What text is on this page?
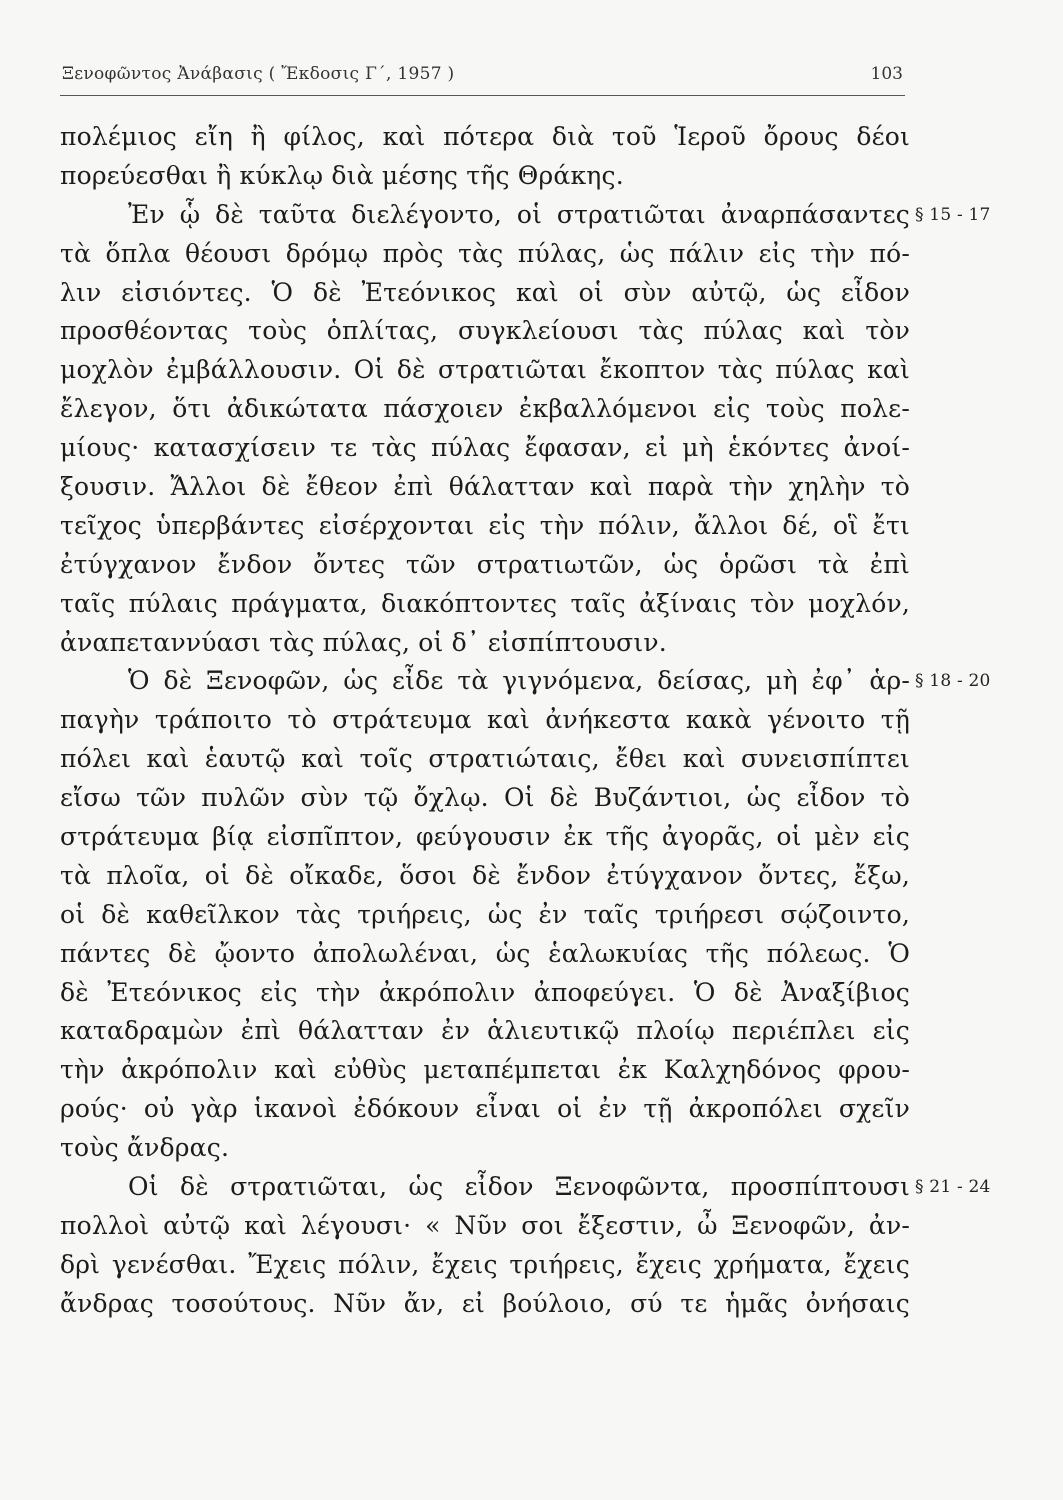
Ξενοφῶντος Ἀνάβασις ( Ἔκδοσις Γ΄, 1957 )	103
πολέμιος εἴη ἢ φίλος, καὶ πότερα διὰ τοῦ Ἱεροῦ ὄρους δέοι
πορεύεσθαι ἢ κύκλῳ διὰ μέσης τῆς Θράκης.
Ἐν ᾧ δὲ ταῦτα διελέγοντο, οἱ στρατιῶται ἀναρπάσαντες § 15 - 17
τὰ ὅπλα θέουσι δρόμῳ πρὸς τὰς πύλας, ὡς πάλιν εἰς τὴν πό-
λιν εἰσιόντες. Ὁ δὲ Ἐτεόνικος καὶ οἱ σὺν αὐτῷ, ὡς εἶδον
προσθέοντας τοὺς ὁπλίτας, συγκλείουσι τὰς πύλας καὶ τὸν
μοχλὸν ἐμβάλλουσιν. Οἱ δὲ στρατιῶται ἔκοπτον τὰς πύλας καὶ
ἔλεγον, ὅτι ἀδικώτατα πάσχοιεν ἐκβαλλόμενοι εἰς τοὺς πολε-
μίους· κατασχίσειν τε τὰς πύλας ἔφασαν, εἰ μὴ ἑκόντες ἀνοί-
ξουσιν. Ἄλλοι δὲ ἔθεον ἐπὶ θάλατταν καὶ παρὰ τὴν χηλὴν τὸ
τεῖχος ὑπερβάντες εἰσέρχονται εἰς τὴν πόλιν, ἄλλοι δέ, οἳ ἔτι
ἐτύγχανον ἔνδον ὄντες τῶν στρατιωτῶν, ὡς ὁρῶσι τὰ ἐπὶ
ταῖς πύλαις πράγματα, διακόπτοντες ταῖς ἀξίναις τὸν μοχλόν,
ἀναπεταννύασι τὰς πύλας, οἱ δ᾽ εἰσπίπτουσιν.
Ὁ δὲ Ξενοφῶν, ὡς εἶδε τὰ γιγνόμενα, δείσας, μὴ ἐφ᾽ ἁρ- § 18 - 20
παγὴν τράποιτο τὸ στράτευμα καὶ ἀνήκεστα κακὰ γένοιτο τῇ
πόλει καὶ ἑαυτῷ καὶ τοῖς στρατιώταις, ἔθει καὶ συνεισπίπτει
εἴσω τῶν πυλῶν σὺν τῷ ὄχλῳ. Οἱ δὲ Βυζάντιοι, ὡς εἶδον τὸ
στράτευμα βίᾳ εἰσπῖπτον, φεύγουσιν ἐκ τῆς ἀγορᾶς, οἱ μὲν εἰς
τὰ πλοῖα, οἱ δὲ οἴκαδε, ὅσοι δὲ ἔνδον ἐτύγχανον ὄντες, ἔξω,
οἱ δὲ καθεῖλκον τὰς τριήρεις, ὡς ἐν ταῖς τριήρεσι σῴζοιντο,
πάντες δὲ ᾤοντο ἀπολωλέναι, ὡς ἑαλωκυίας τῆς πόλεως. Ὁ
δὲ Ἐτεόνικος εἰς τὴν ἀκρόπολιν ἀποφεύγει. Ὁ δὲ Ἀναξίβιος
καταδραμὼν ἐπὶ θάλατταν ἐν ἁλιευτικῷ πλοίῳ περιέπλει εἰς
τὴν ἀκρόπολιν καὶ εὐθὺς μεταπέμπεται ἐκ Καλχηδόνος φρου-
ρούς· οὐ γὰρ ἱκανοὶ ἐδόκουν εἶναι οἱ ἐν τῇ ἀκροπόλει σχεῖν
τοὺς ἄνδρας.
Οἱ δὲ στρατιῶται, ὡς εἶδον Ξενοφῶντα, προσπίπτουσι § 21 - 24
πολλοὶ αὐτῷ καὶ λέγουσι· « Νῦν σοι ἔξεστιν, ὦ Ξενοφῶν, ἀν-
δρὶ γενέσθαι. Ἔχεις πόλιν, ἔχεις τριήρεις, ἔχεις χρήματα, ἔχεις
ἄνδρας τοσούτους. Νῦν ἄν, εἰ βούλοιο, σύ τε ἡμᾶς ὀνήσαις
